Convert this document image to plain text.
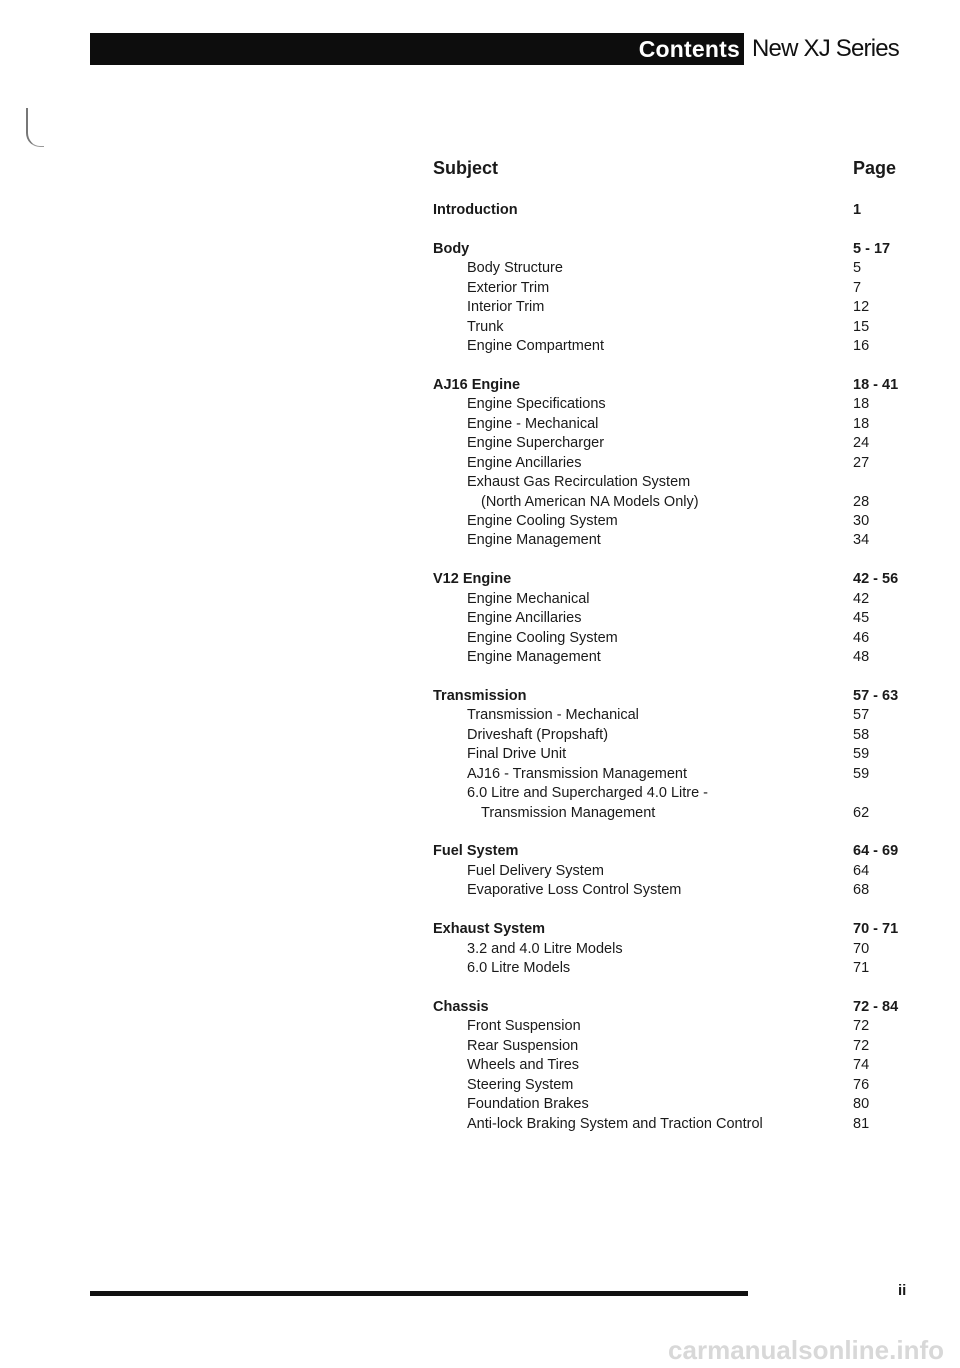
Contents New XJ Series
Subject	Page
Introduction	1
Body	5 - 17
Body Structure	5
Exterior Trim	7
Interior Trim	12
Trunk	15
Engine Compartment	16
AJ16 Engine	18 - 41
Engine Specifications	18
Engine - Mechanical	18
Engine Supercharger	24
Engine Ancillaries	27
Exhaust Gas Recirculation System
(North American NA Models Only)	28
Engine Cooling System	30
Engine Management	34
V12 Engine	42 - 56
Engine Mechanical	42
Engine Ancillaries	45
Engine Cooling System	46
Engine Management	48
Transmission	57 - 63
Transmission - Mechanical	57
Driveshaft (Propshaft)	58
Final Drive Unit	59
AJ16 - Transmission Management	59
6.0 Litre and Supercharged 4.0 Litre -
Transmission Management	62
Fuel System	64 - 69
Fuel Delivery System	64
Evaporative Loss Control System	68
Exhaust System	70 - 71
3.2 and 4.0 Litre Models	70
6.0 Litre Models	71
Chassis	72 - 84
Front Suspension	72
Rear Suspension	72
Wheels and Tires	74
Steering System	76
Foundation Brakes	80
Anti-lock Braking System and Traction Control	81
ii
carmanualsonline.info
